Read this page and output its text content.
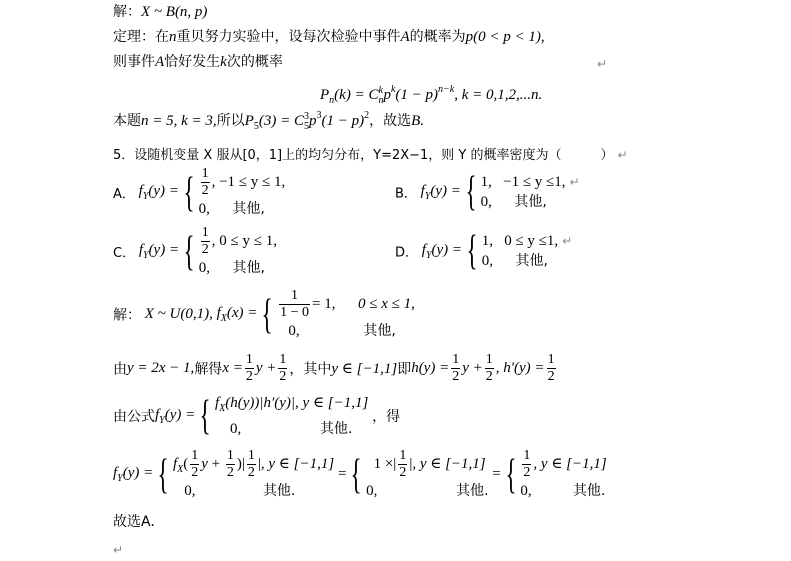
解：X ~ B(n, p)
定理：在n重贝努力实验中，设每次检验中事件A的概率为p(0 < p < 1),
则事件A恰好发生k次的概率	↵
$P_n(k) = C$ k
n $p^k(1 - p)^{n-k}$, k = 0,1,2,...n.
本题n = 5, k = 3,所以$P_5(3) = C$ 3
5 $p^3(1 - p)^2$，故选B.
5．设随机变量 X 服从[0，1]上的均匀分布，Y=2X−1，则 Y 的概率密度为（　　　） ↵
A． $f_Y(y)$ = { $\frac{1}{2}$ , −1 ≤ y ≤ 1,
0, 其他,
B． $f_Y(y)$ = { 1, −1 ≤ y ≤1, ↵
0, 其他,
C． $f_Y(y)$ = { $\frac{1}{2}$ , 0 ≤ y ≤ 1,
0, 其他,
D． $f_Y(y)$ = { 1, 0 ≤ y ≤1, ↵
0, 其他,
解： X ~ U(0,1), $f_X(x)$ = { $\frac{1}{1 - 0} = 1$, 0 ≤ x ≤ 1,
0,	其他,
由y = 2x − 1,解得$x = \frac{1}{2}$ $y + \frac{1}{2}$ ，其中y ∈ [−1,1]即$h(y) = \frac{1}{2}$ $y + \frac{1}{2}$ , $h'(y) = \frac{1}{2}$
由公式$f_Y(y)$ = { $f_X(h(y))|h'(y)|$, y ∈ [−1,1]
0,	其他.
，得
$f_Y(y)$ = { $f_X( \frac{1}{2}$ $y + \frac{1}{2}$ )| $\frac{1}{2}$ |, y ∈ [−1,1]
0,	其他.
= { 1 ×| $\frac{1}{2}$ |, y ∈ [−1,1]
0,	其他.
= { $\frac{1}{2}$ , y ∈ [−1,1]
0,	其他.
故选A.
↵
